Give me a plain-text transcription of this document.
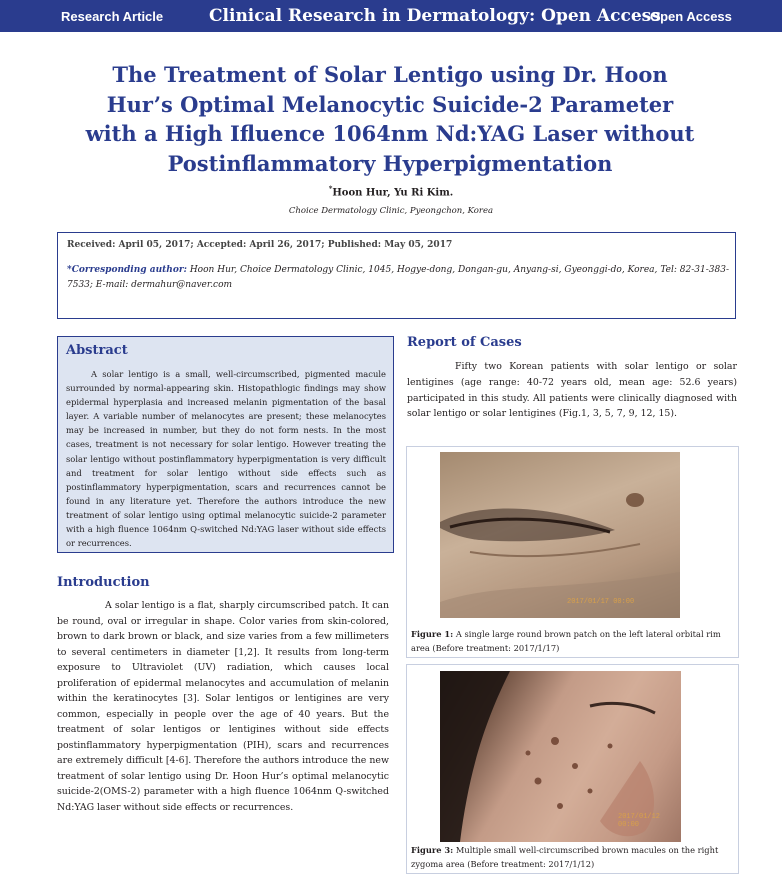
Research Article	Clinical Research in Dermatology: Open Access
Open Access
The Treatment of Solar Lentigo using Dr. Hoon
Hur’s Optimal Melanocytic Suicide-2 Parameter
with a High Ifluence 1064nm Nd:YAG Laser without
Postinflammatory Hyperpigmentation
*Hoon Hur, Yu Ri Kim.
Choice Dermatology Clinic, Pyeongchon, Korea
Received: April 05, 2017; Accepted: April 26, 2017; Published: May 05, 2017
*Corresponding author: Hoon Hur, Choice Dermatology Clinic, 1045, Hogye-dong, Dongan-gu, Anyang-si, Gyeonggi-do, Korea, Tel: 82-31-383-7533; E-mail: dermahur@naver.com
Abstract
A solar lentigo is a small, well-circumscribed, pigmented macule surrounded by normal-appearing skin. Histopathlogic findings may show epidermal hyperplasia and increased melanin pigmentation of the basal layer. A variable number of melanocytes are present; these melanocytes may be increased in number, but they do not form nests. In the most cases, treatment is not necessary for solar lentigo. However treating the solar lentigo without postinflammatory hyperpigmentation is very difficult and treatment for solar lentigo without side effects such as postinflammatory hyperpigmentation, scars and recurrences cannot be found in any literature yet. Therefore the authors introduce the new treatment of solar lentigo using optimal melanocytic suicide-2 parameter with a high fluence 1064nm Q-switched Nd:YAG laser without side effects or recurrences.
Introduction
A solar lentigo is a flat, sharply circumscribed patch. It can be round, oval or irregular in shape. Color varies from skin-colored, brown to dark brown or black, and size varies from a few millimeters to several centimeters in diameter [1,2]. It results from long-term exposure to Ultraviolet (UV) radiation, which causes local proliferation of epidermal melanocytes and accumulation of melanin within the keratinocytes [3]. Solar lentigos or lentigines are very common, especially in people over the age of 40 years. But the treatment of solar lentigos or lentigines without side effects postinflammatory hyperpigmentation (PIH), scars and recurrences are extremely difficult [4-6]. Therefore the authors introduce the new treatment of solar lentigo using Dr. Hoon Hur’s optimal melanocytic suicide-2(OMS-2) parameter with a high fluence 1064nm Q-switched Nd:YAG laser without side effects or recurrences.
Report of Cases
Fifty two Korean patients with solar lentigo or solar lentigines (age range: 40-72 years old, mean age: 52.6 years) participated in this study. All patients were clinically diagnosed with solar lentigo or solar lentigines (Fig.1, 3, 5, 7, 9, 12, 15).
2017/01/17 00:00
Figure 1: A single large round brown patch on the left lateral orbital rim area (Before treatment: 2017/1/17)
2017/01/12 00:00
Figure 3: Multiple small well-circumscribed brown macules on the right zygoma area (Before treatment: 2017/1/12)
